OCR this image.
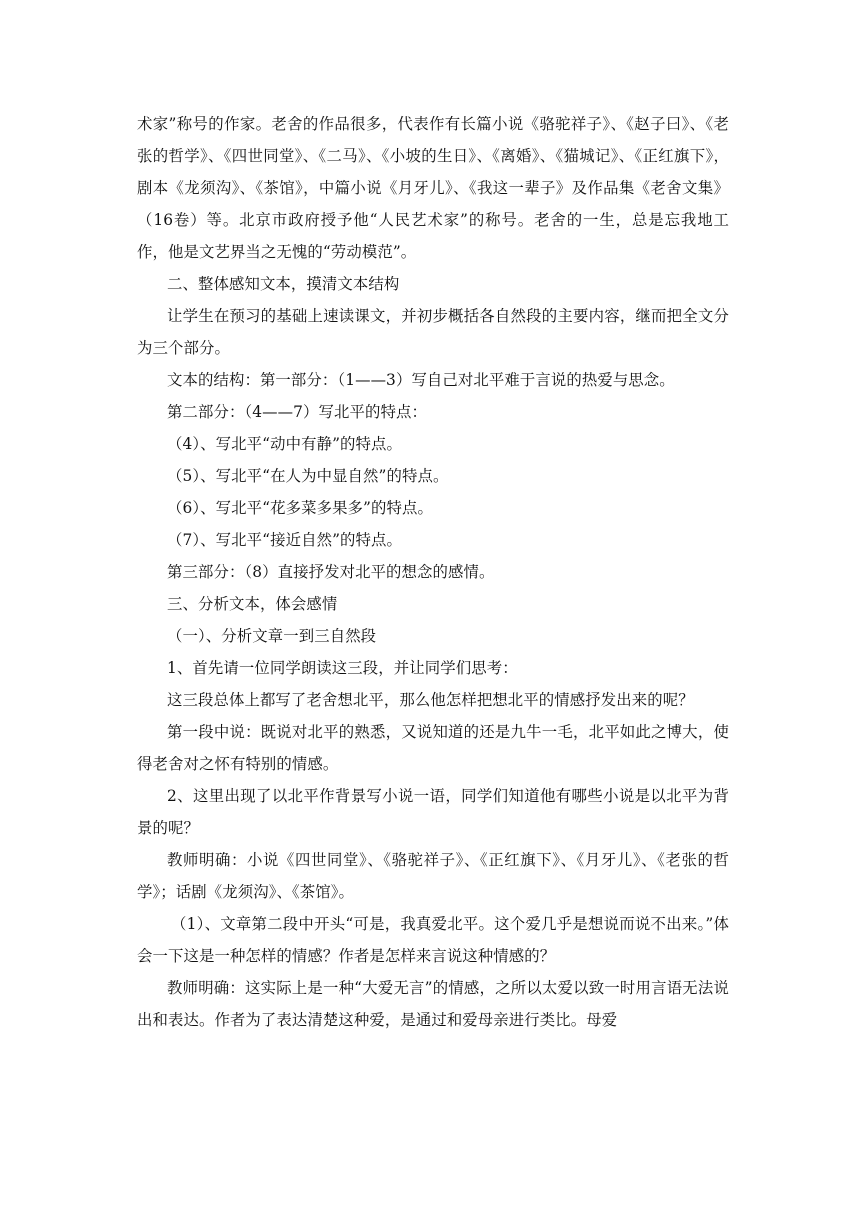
术家”称号的作家。老舍的作品很多，代表作有长篇小说《骆驼祥子》、《赵子曰》、《老张的哲学》、《四世同堂》、《二马》、《小坡的生日》、《离婚》、《猫城记》、《正红旗下》，剧本《龙须沟》、《茶馆》，中篇小说《月牙儿》、《我这一辈子》及作品集《老舍文集》（16卷）等。北京市政府授予他“人民艺术家”的称号。老舍的一生，总是忘我地工作，他是文艺界当之无愧的“劳动模范”。

二、整体感知文本，摸清文本结构

让学生在预习的基础上速读课文，并初步概括各自然段的主要内容，继而把全文分为三个部分。

文本的结构：第一部分：（1——3）写自己对北平难于言说的热爱与思念。

第二部分：（4——7）写北平的特点：

（4）、写北平“动中有静”的特点。

（5）、写北平“在人为中显自然”的特点。

（6）、写北平“花多菜多果多”的特点。

（7）、写北平“接近自然”的特点。

第三部分：（8）直接抒发对北平的想念的感情。

三、分析文本，体会感情

（一）、分析文章一到三自然段

1、首先请一位同学朗读这三段，并让同学们思考：

这三段总体上都写了老舍想北平，那么他怎样把想北平的情感抒发出来的呢？

第一段中说：既说对北平的熟悉，又说知道的还是九牛一毛，北平如此之博大，使得老舍对之怀有特别的情感。

2、这里出现了以北平作背景写小说一语，同学们知道他有哪些小说是以北平为背景的呢？

教师明确：小说《四世同堂》、《骆驼祥子》、《正红旗下》、《月牙儿》、《老张的哲学》；话剧《龙须沟》、《茶馆》。

（1）、文章第二段中开头“可是，我真爱北平。这个爱几乎是想说而说不出来。”体会一下这是一种怎样的情感？作者是怎样来言说这种情感的？

教师明确：这实际上是一种“大爱无言”的情感，之所以太爱以致一时用言语无法说出和表达。作者为了表达清楚这种爱，是通过和爱母亲进行类比。母爱
